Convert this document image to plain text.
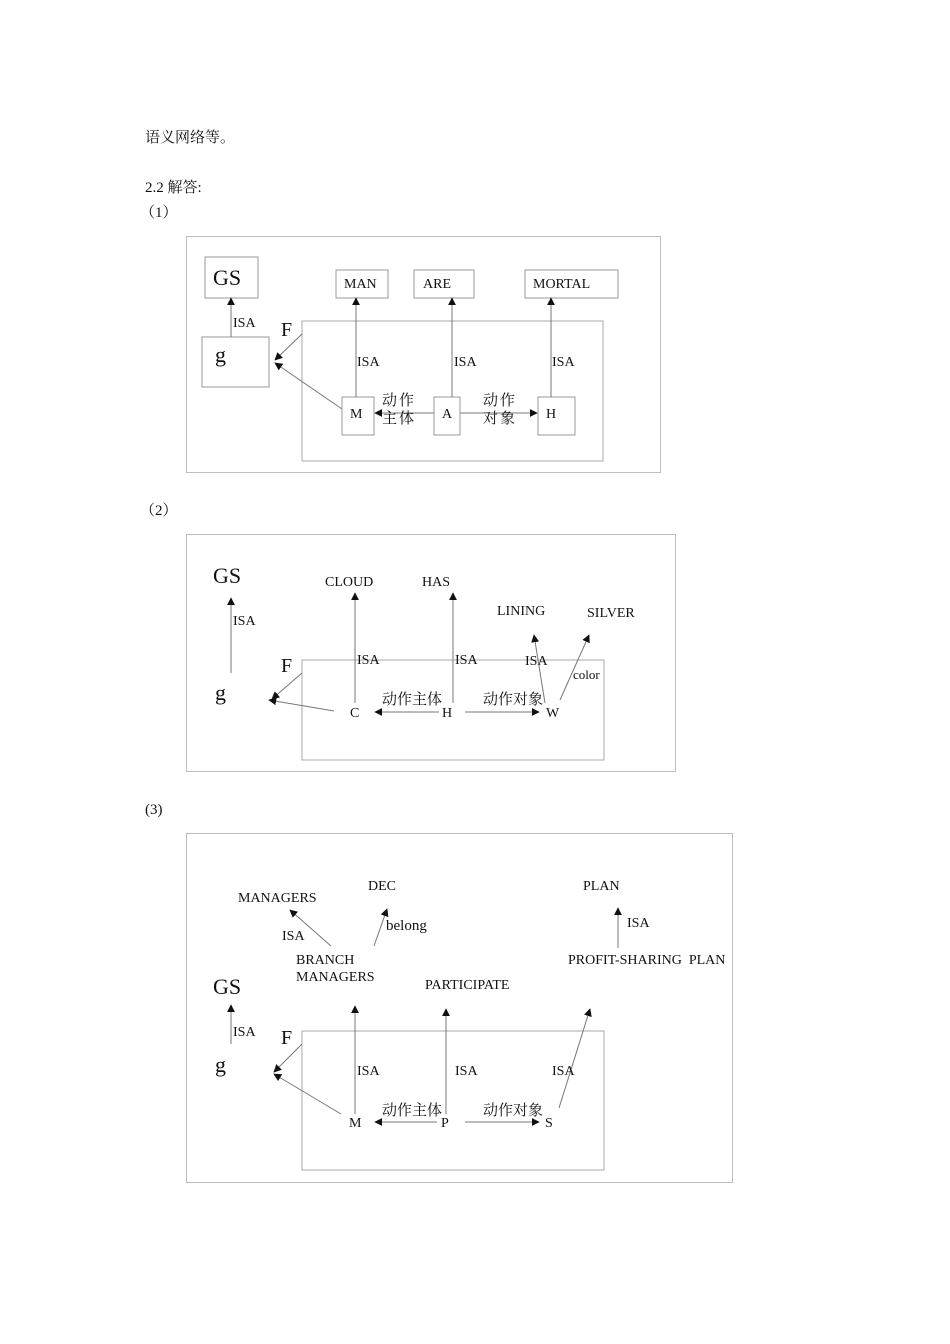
语义网络等。
2.2 解答:
（1）
GS
g
ISA F
MAN	ARE	MORTAL
M	A	H
ISA	ISA	ISA
动作
主体
动作
对象
（2）
GS
ISA
g
F
CLOUD	HAS
LINING	SILVER
C	H	W
ISA	ISA	ISA
color
动作主体	动作对象
(3)
MANAGERS
DEC
belong
ISA
BRANCH
MANAGERS
PLAN
ISA
PROFIT-SHARING  PLAN
PARTICIPATE
GS
ISA
g
F
M	P	S
ISA	ISA	ISA
动作主体	动作对象
